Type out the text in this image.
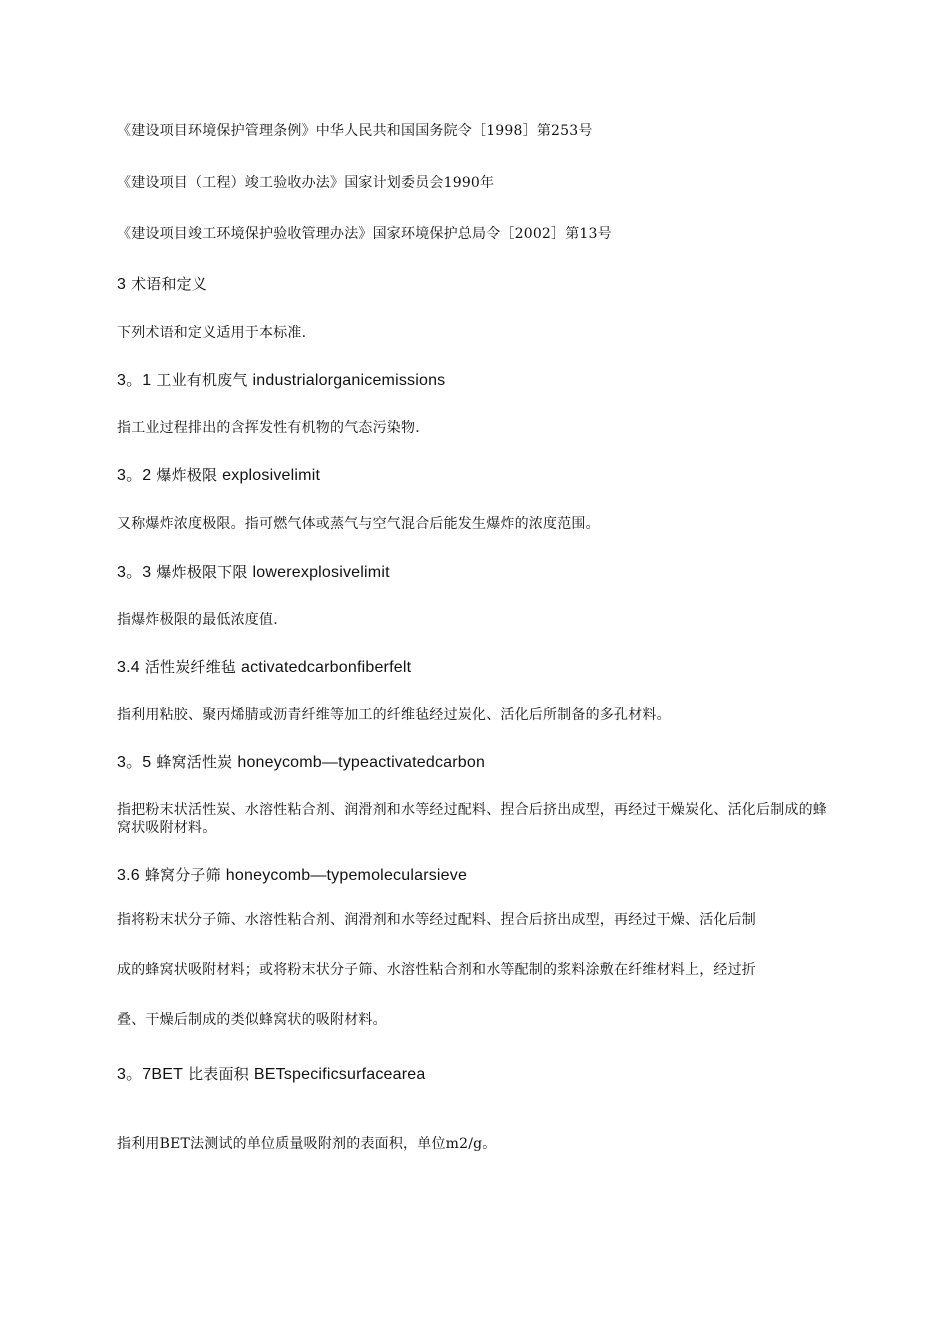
《建设项目环境保护管理条例》中华人民共和国国务院令［1998］第253号
《建设项目（工程）竣工验收办法》国家计划委员会1990年
《建设项目竣工环境保护验收管理办法》国家环境保护总局令［2002］第13号
3 术语和定义
下列术语和定义适用于本标准.
3。1 工业有机废气 industrialorganicemissions
指工业过程排出的含挥发性有机物的气态污染物.
3。2 爆炸极限 explosivelimit
又称爆炸浓度极限。指可燃气体或蒸气与空气混合后能发生爆炸的浓度范围。
3。3 爆炸极限下限 lowerexplosivelimit
指爆炸极限的最低浓度值.
3.4 活性炭纤维毡 activatedcarbonfiberfelt
指利用粘胶、聚丙烯腈或沥青纤维等加工的纤维毡经过炭化、活化后所制备的多孔材料。
3。5 蜂窝活性炭 honeycomb—typeactivatedcarbon
指把粉末状活性炭、水溶性粘合剂、润滑剂和水等经过配料、捏合后挤出成型，再经过干燥炭化、活化后制成的蜂窝状吸附材料。
3.6 蜂窝分子筛 honeycomb—typemolecularsieve
指将粉末状分子筛、水溶性粘合剂、润滑剂和水等经过配料、捏合后挤出成型，再经过干燥、活化后制
成的蜂窝状吸附材料；或将粉末状分子筛、水溶性粘合剂和水等配制的浆料涂敷在纤维材料上，经过折
叠、干燥后制成的类似蜂窝状的吸附材料。
3。7BET 比表面积 BETspecificsurfacearea
指利用BET法测试的单位质量吸附剂的表面积，单位m2/g。
